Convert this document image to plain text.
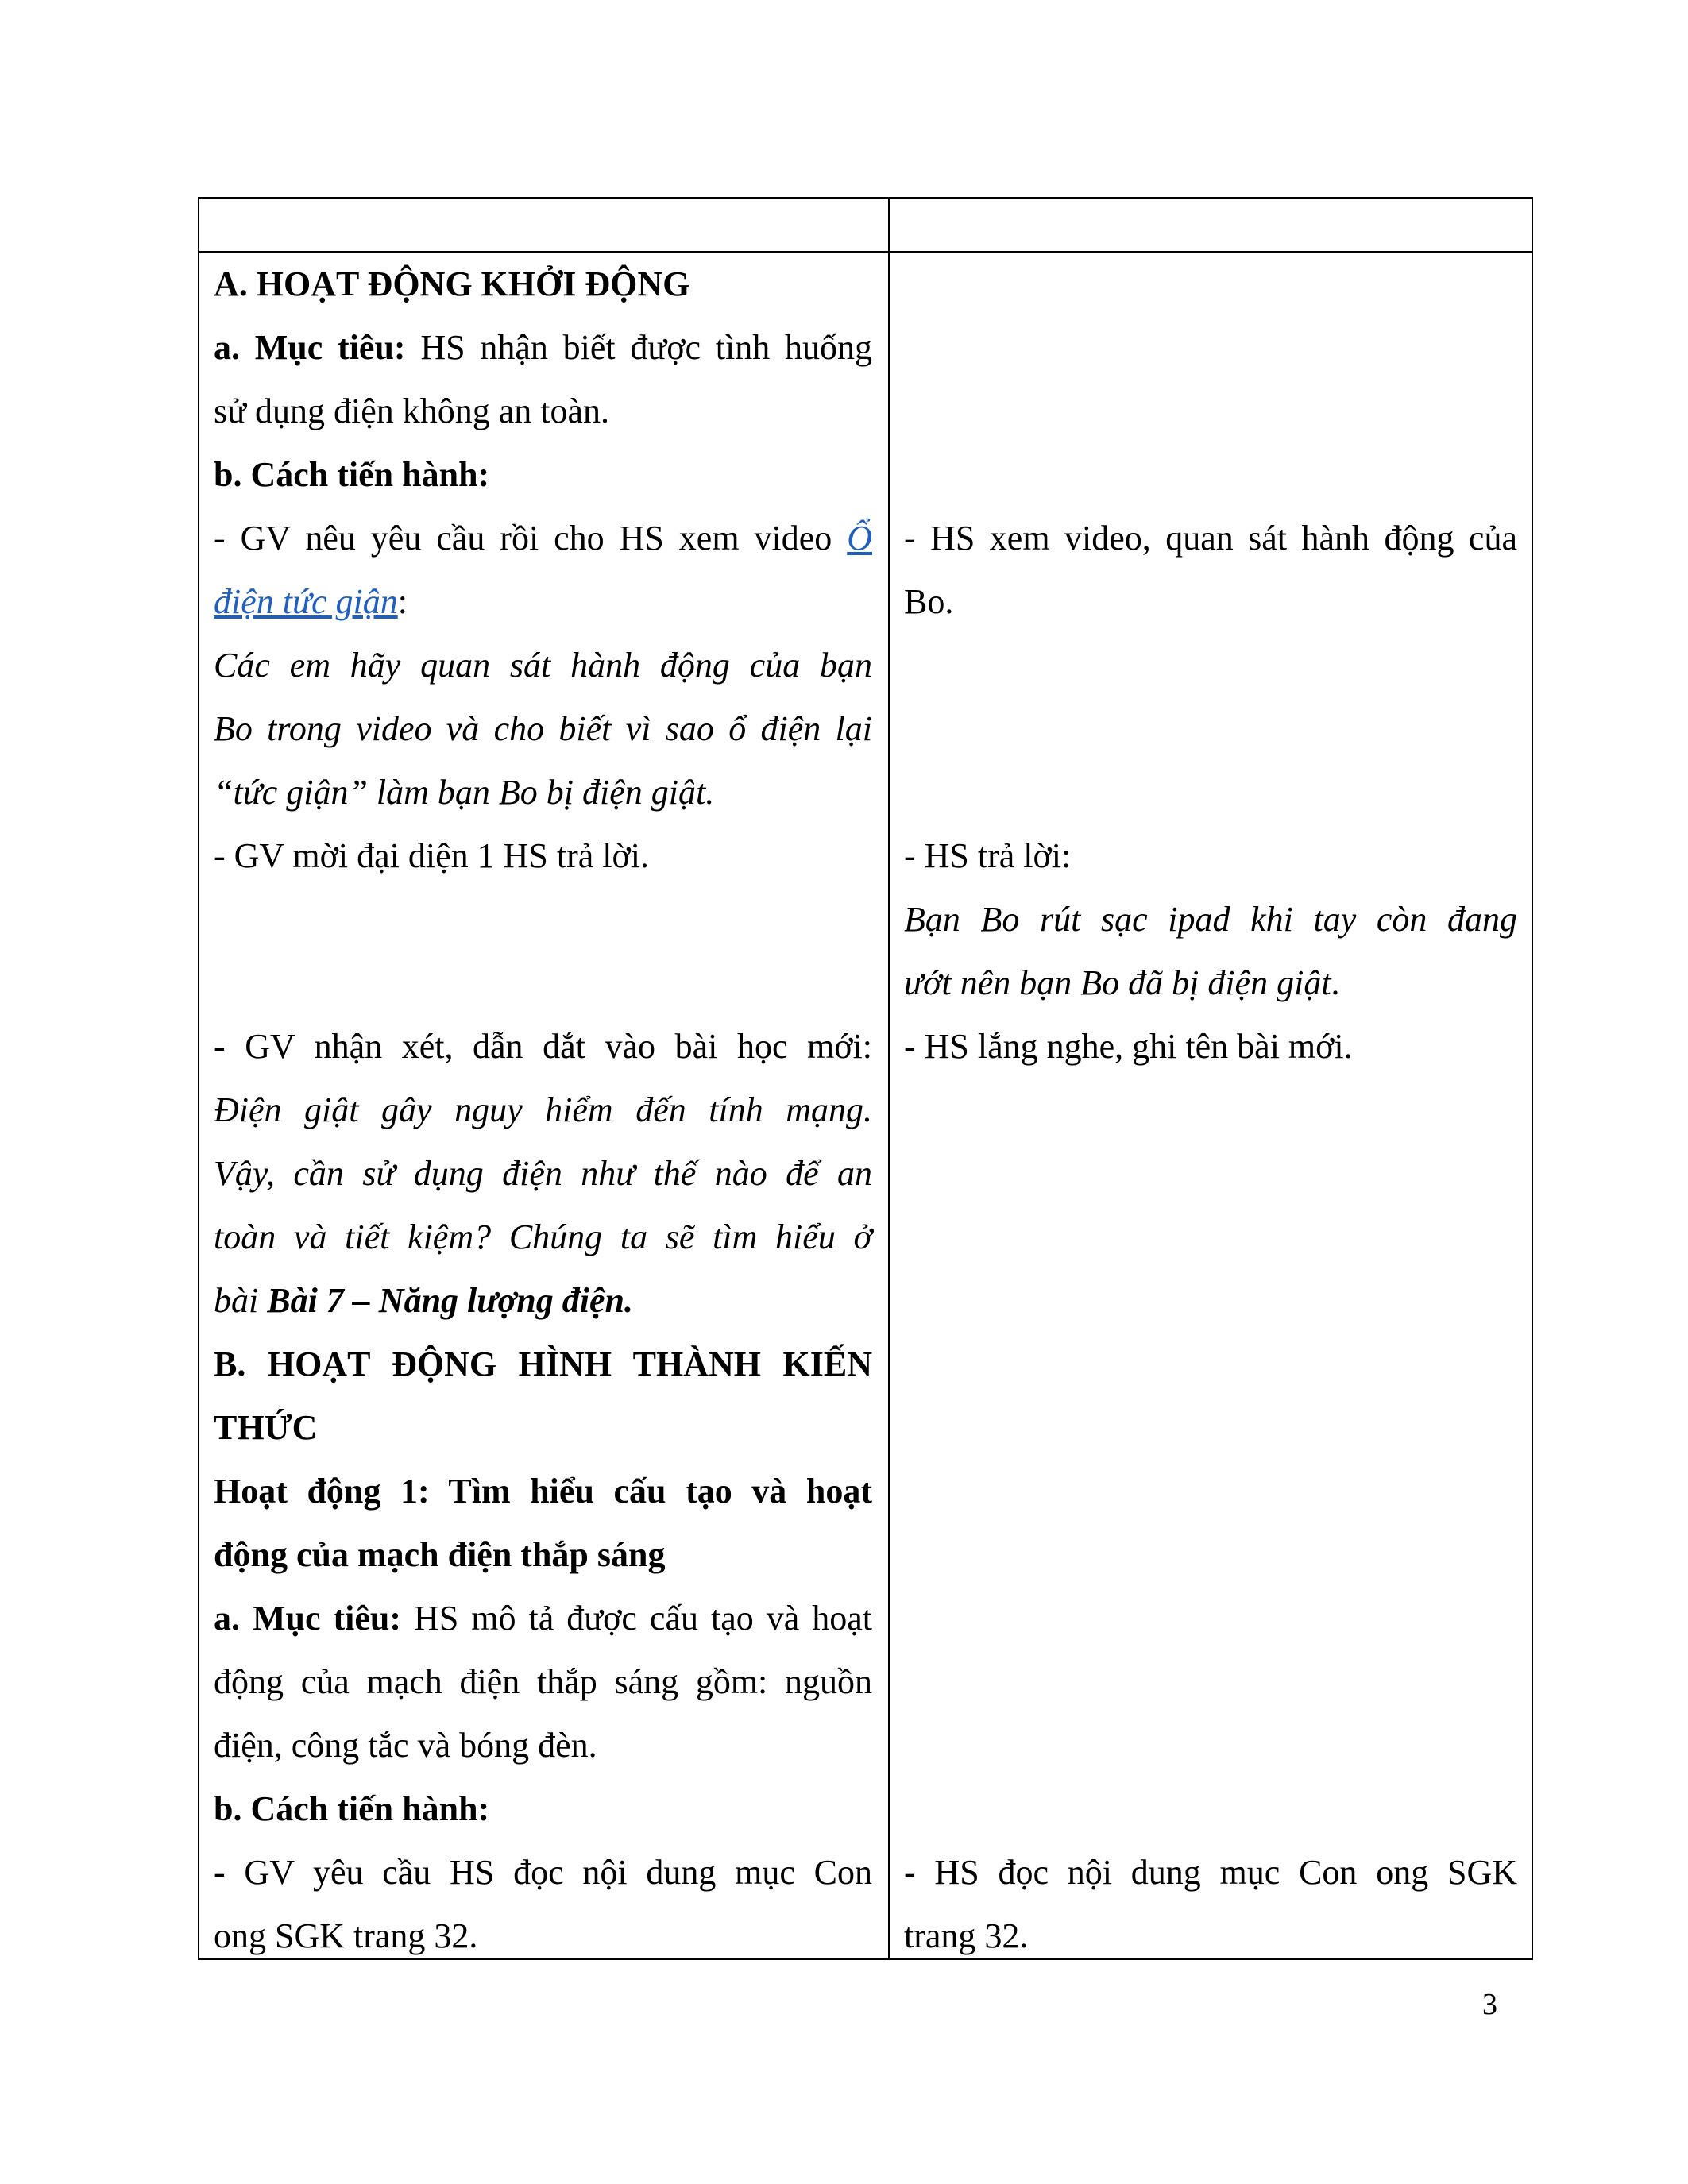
A. HOẠT ĐỘNG KHỞI ĐỘNG
a. Mục tiêu: HS nhận biết được tình huống
sử dụng điện không an toàn.
b. Cách tiến hành:
- GV nêu yêu cầu rồi cho HS xem video Ổ
điện tức giận:
Các em hãy quan sát hành động của bạn
Bo trong video và cho biết vì sao ổ điện lại
“tức giận” làm bạn Bo bị điện giật.
- GV mời đại diện 1 HS trả lời.
- GV nhận xét, dẫn dắt vào bài học mới:
Điện giật gây nguy hiểm đến tính mạng.
Vậy, cần sử dụng điện như thế nào để an
toàn và tiết kiệm? Chúng ta sẽ tìm hiểu ở
bài Bài 7 – Năng lượng điện.
B. HOẠT ĐỘNG HÌNH THÀNH KIẾN
THỨC
Hoạt động 1: Tìm hiểu cấu tạo và hoạt
động của mạch điện thắp sáng
a. Mục tiêu: HS mô tả được cấu tạo và hoạt
động của mạch điện thắp sáng gồm: nguồn
điện, công tắc và bóng đèn.
b. Cách tiến hành:
- GV yêu cầu HS đọc nội dung mục Con
ong SGK trang 32.
- HS xem video, quan sát hành động của
Bo.
- HS trả lời:
Bạn Bo rút sạc ipad khi tay còn đang
ướt nên bạn Bo đã bị điện giật.
- HS lắng nghe, ghi tên bài mới.
- HS đọc nội dung mục Con ong SGK
trang 32.
3
